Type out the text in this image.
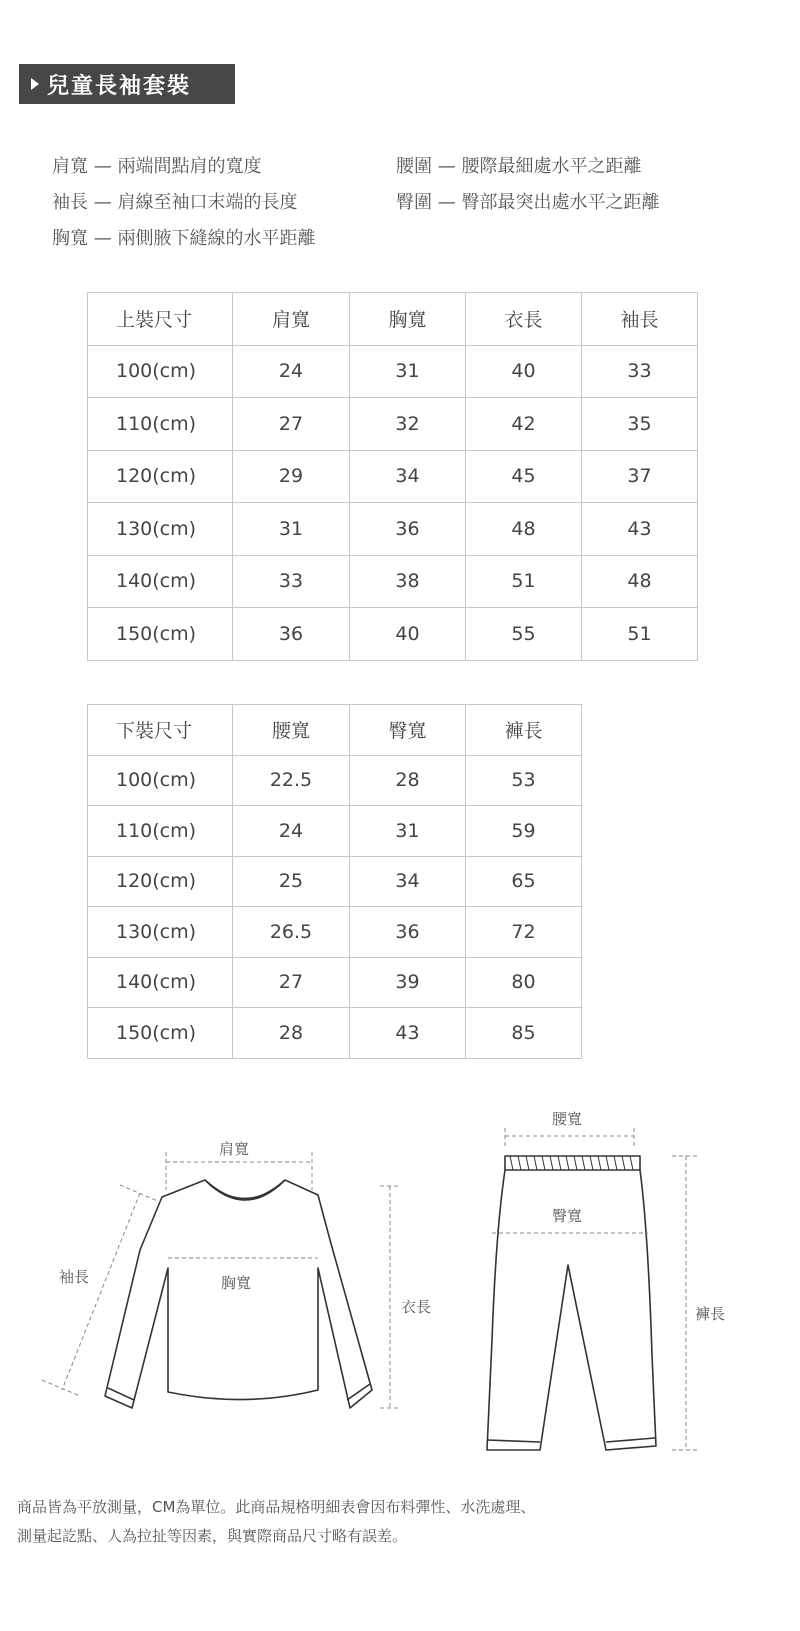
兒童長袖套裝
肩寬 — 兩端間點肩的寬度
袖長 — 肩線至袖口末端的長度
胸寬 — 兩側腋下縫線的水平距離
腰圍 — 腰際最細處水平之距離
臀圍 — 臀部最突出處水平之距離
上裝尺寸	肩寬	胸寬	衣長	袖長
100(cm)	24	31	40	33
110(cm)	27	32	42	35
120(cm)	29	34	45	37
130(cm)	31	36	48	43
140(cm)	33	38	51	48
150(cm)	36	40	55	51
下裝尺寸	腰寬	臀寬	褲長
100(cm)	22.5	28	53
110(cm)	24	31	59
120(cm)	25	34	65
130(cm)	26.5	36	72
140(cm)	27	39	80
150(cm)	28	43	85
肩寬
袖長	胸寬
衣長
腰寬
臀寬
褲長
商品皆為平放測量，CM為單位。此商品規格明細表會因布料彈性、水洗處理、
測量起訖點、人為拉扯等因素，與實際商品尺寸略有誤差。
